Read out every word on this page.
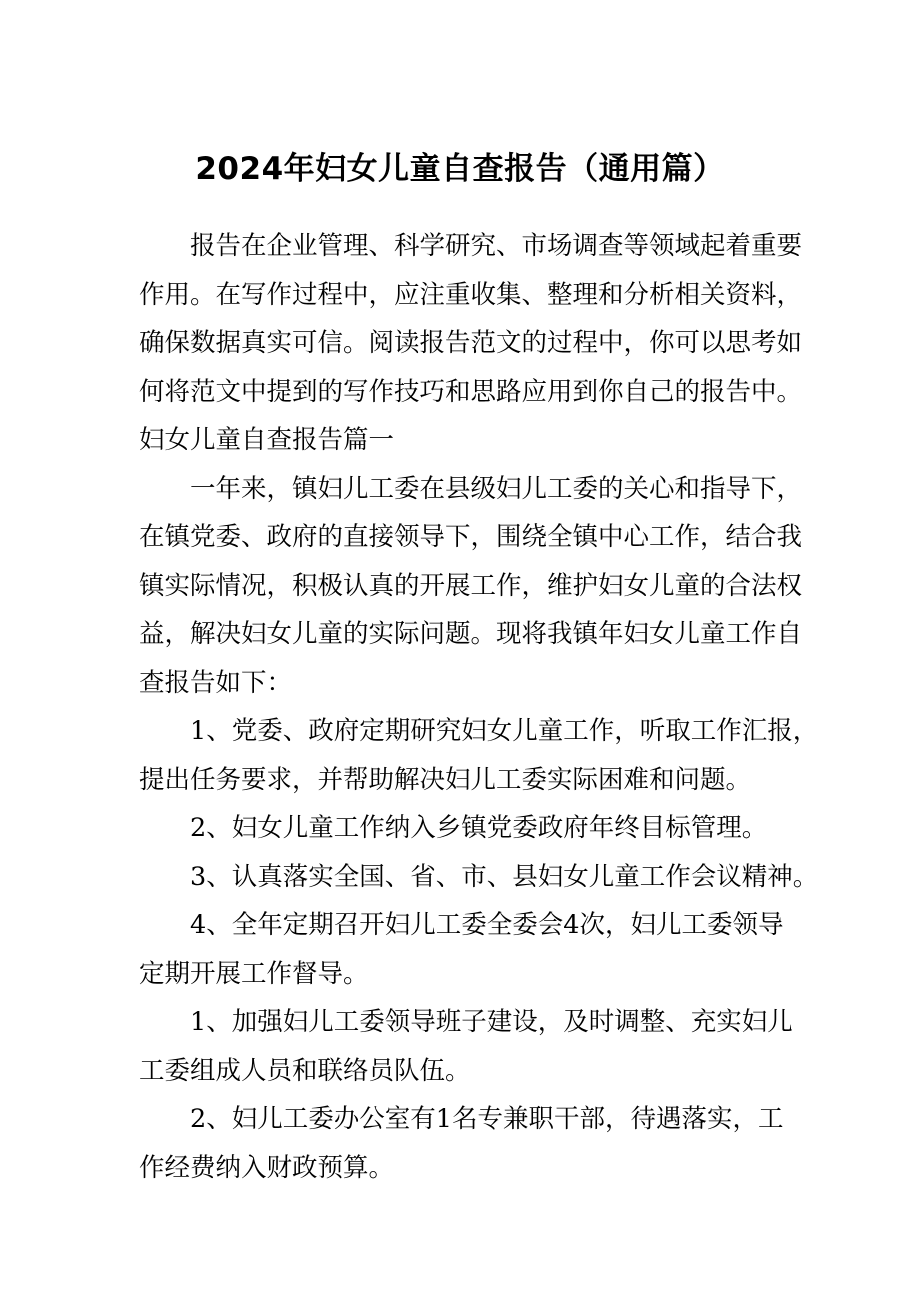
2024年妇女儿童自查报告（通用篇）
报告在企业管理、科学研究、市场调查等领域起着重要
作用。在写作过程中，应注重收集、整理和分析相关资料，
确保数据真实可信。阅读报告范文的过程中，你可以思考如
何将范文中提到的写作技巧和思路应用到你自己的报告中。
妇女儿童自查报告篇一
一年来，镇妇儿工委在县级妇儿工委的关心和指导下，
在镇党委、政府的直接领导下，围绕全镇中心工作，结合我
镇实际情况，积极认真的开展工作，维护妇女儿童的合法权
益，解决妇女儿童的实际问题。现将我镇年妇女儿童工作自
查报告如下：
1、党委、政府定期研究妇女儿童工作，听取工作汇报，
提出任务要求，并帮助解决妇儿工委实际困难和问题。
2、妇女儿童工作纳入乡镇党委政府年终目标管理。
3、认真落实全国、省、市、县妇女儿童工作会议精神。
4、全年定期召开妇儿工委全委会4次，妇儿工委领导
定期开展工作督导。
1、加强妇儿工委领导班子建设，及时调整、充实妇儿
工委组成人员和联络员队伍。
2、妇儿工委办公室有1名专兼职干部，待遇落实，工
作经费纳入财政预算。
